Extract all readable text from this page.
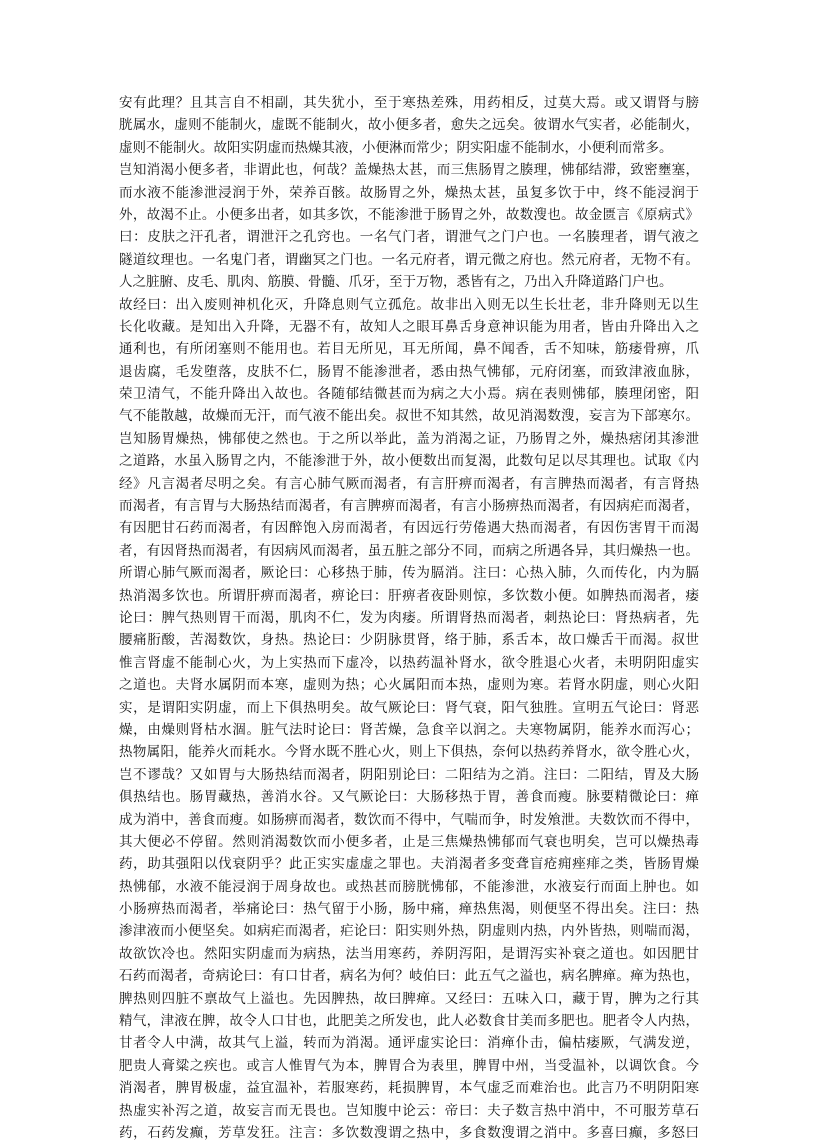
安有此理？且其言自不相副，其失犹小，至于寒热差殊，用药相反，过莫大焉。或又谓肾与膀
胱属水，虚则不能制火，虚既不能制火，故小便多者，愈失之远矣。彼谓水气实者，必能制火，
虚则不能制火。故阳实阴虚而热燥其液，小便淋而常少；阴实阳虚不能制水，小便利而常多。
岂知消渴小便多者，非谓此也，何哉？盖燥热太甚，而三焦肠胃之腠理，怫郁结滞，致密壅塞，
而水液不能渗泄浸润于外，荣养百骸。故肠胃之外，燥热太甚，虽复多饮于中，终不能浸润于
外，故渴不止。小便多出者，如其多饮，不能渗泄于肠胃之外，故数溲也。故金匮言《原病式》
曰：皮肤之汗孔者，谓泄汗之孔窍也。一名气门者，谓泄气之门户也。一名腠理者，谓气液之
隧道纹理也。一名鬼门者，谓幽冥之门也。一名元府者，谓元微之府也。然元府者，无物不有。
人之脏腑、皮毛、肌肉、筋膜、骨髓、爪牙，至于万物，悉皆有之，乃出入升降道路门户也。
故经曰：出入废则神机化灭，升降息则气立孤危。故非出入则无以生长壮老，非升降则无以生
长化收藏。是知出入升降，无器不有，故知人之眼耳鼻舌身意神识能为用者，皆由升降出入之
通利也，有所闭塞则不能用也。若目无所见，耳无所闻，鼻不闻香，舌不知味，筋痿骨痹，爪
退齿腐，毛发堕落，皮肤不仁，肠胃不能渗泄者，悉由热气怫郁，元府闭塞，而致津液血脉，
荣卫清气，不能升降出入故也。各随郁结微甚而为病之大小焉。病在表则怫郁，腠理闭密，阳
气不能散越，故燥而无汗，而气液不能出矣。叔世不知其然，故见消渴数溲，妄言为下部寒尔。
岂知肠胃燥热，怫郁使之然也。于之所以举此，盖为消渴之证，乃肠胃之外，燥热痞闭其渗泄
之道路，水虽入肠胃之内，不能渗泄于外，故小便数出而复渴，此数句足以尽其理也。试取《内
经》凡言渴者尽明之矣。有言心肺气厥而渴者，有言肝痹而渴者，有言脾热而渴者，有言肾热
而渴者，有言胃与大肠热结而渴者，有言脾痹而渴者，有言小肠痹热而渴者，有因病疟而渴者，
有因肥甘石药而渴者，有因醉饱入房而渴者，有因远行劳倦遇大热而渴者，有因伤害胃干而渴
者，有因肾热而渴者，有因病风而渴者，虽五脏之部分不同，而病之所遇各异，其归燥热一也。
所谓心肺气厥而渴者，厥论曰：心移热于肺，传为膈消。注曰：心热入肺，久而传化，内为膈
热消渴多饮也。所谓肝痹而渴者，痹论曰：肝痹者夜卧则惊，多饮数小便。如脾热而渴者，痿
论曰：脾气热则胃干而渴，肌肉不仁，发为肉痿。所谓肾热而渴者，刺热论曰：肾热病者，先
腰痛胻酸，苦渴数饮，身热。热论曰：少阴脉贯肾，络于肺，系舌本，故口燥舌干而渴。叔世
惟言肾虚不能制心火，为上实热而下虚冷，以热药温补肾水，欲令胜退心火者，未明阴阳虚实
之道也。夫肾水属阴而本寒，虚则为热；心火属阳而本热，虚则为寒。若肾水阴虚，则心火阳
实，是谓阳实阴虚，而上下俱热明矣。故气厥论曰：肾气衰，阳气独胜。宣明五气论曰：肾恶
燥，由燥则肾枯水涸。脏气法时论曰：肾苦燥，急食辛以润之。夫寒物属阴，能养水而泻心；
热物属阳，能养火而耗水。今肾水既不胜心火，则上下俱热，奈何以热药养肾水，欲令胜心火，
岂不谬哉？又如胃与大肠热结而渴者，阴阳别论曰：二阳结为之消。注曰：二阳结，胃及大肠
俱热结也。肠胃藏热，善消水谷。又气厥论曰：大肠移热于胃，善食而瘦。脉要精微论曰：瘅
成为消中，善食而瘦。如肠痹而渴者，数饮而不得中，气喘而争，时发飧泄。夫数饮而不得中，
其大便必不停留。然则消渴数饮而小便多者，止是三焦燥热怫郁而气衰也明矣，岂可以燥热毒
药，助其强阳以伐衰阴乎？此正实实虚虚之罪也。夫消渴者多变聋盲疮痈痤痱之类，皆肠胃燥
热怫郁，水液不能浸润于周身故也。或热甚而膀胱怫郁，不能渗泄，水液妄行而面上肿也。如
小肠痹热而渴者，举痛论曰：热气留于小肠，肠中痛，瘅热焦渴，则便坚不得出矣。注曰：热
渗津液而小便坚矣。如病疟而渴者，疟论曰：阳实则外热，阴虚则内热，内外皆热，则喘而渴，
故欲饮冷也。然阳实阴虚而为病热，法当用寒药，养阴泻阳，是谓泻实补衰之道也。如因肥甘
石药而渴者，奇病论曰：有口甘者，病名为何？岐伯曰：此五气之溢也，病名脾瘅。瘅为热也，
脾热则四脏不禀故气上溢也。先因脾热，故曰脾瘅。又经曰：五味入口，藏于胃，脾为之行其
精气，津液在脾，故令人口甘也，此肥美之所发也，此人必数食甘美而多肥也。肥者令人内热，
甘者令人中满，故其气上溢，转而为消渴。通评虚实论曰：消瘅仆击，偏枯痿厥，气满发逆，
肥贵人膏粱之疾也。或言人惟胃气为本，脾胃合为表里，脾胃中州，当受温补，以调饮食。今
消渴者，脾胃极虚，益宜温补，若服寒药，耗损脾胃，本气虚乏而难治也。此言乃不明阴阳寒
热虚实补泻之道，故妄言而无畏也。岂知腹中论云：帝曰：夫子数言热中消中，不可服芳草石
药，石药发癫，芳草发狂。注言：多饮数溲谓之热中，多食数溲谓之消中。多喜曰癫，多怒曰
